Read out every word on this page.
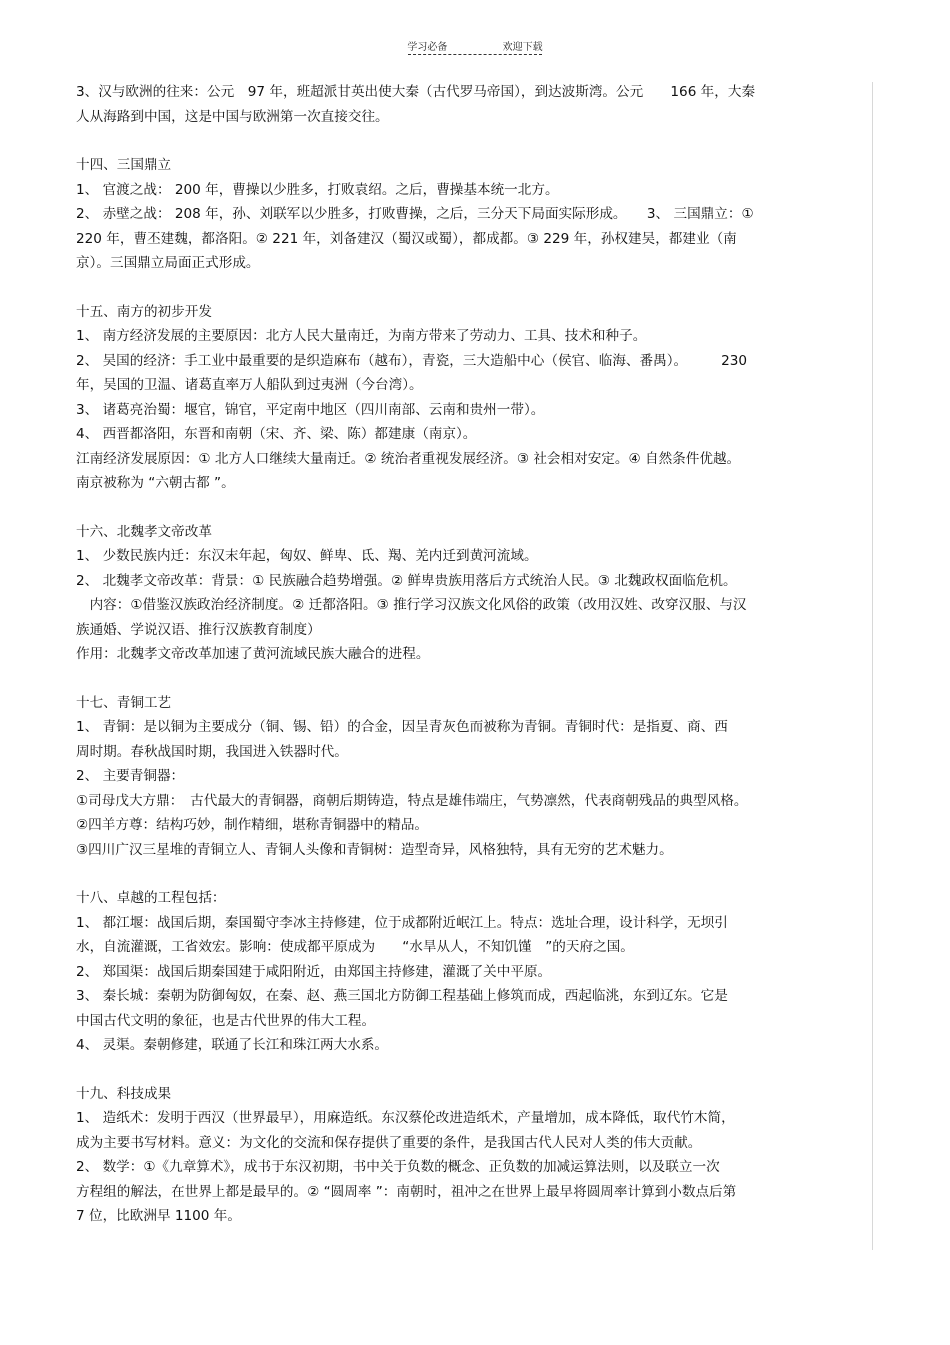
学习必备	欢迎下载

3、汉与欧洲的往来：公元　97 年，班超派甘英出使大秦（古代罗马帝国），到达波斯湾。公元　　166 年，大秦

人从海路到中国，这是中国与欧洲第一次直接交往。

十四、三国鼎立

1、 官渡之战： 200 年，曹操以少胜多，打败袁绍。之后，曹操基本统一北方。

2、 赤壁之战： 208 年，孙、刘联军以少胜多，打败曹操，之后，三分天下局面实际形成。　　3、 三国鼎立：①

220 年，曹丕建魏，都洛阳。② 221 年，刘备建汉（蜀汉或蜀），都成都。③ 229 年，孙权建吴，都建业（南

京）。三国鼎立局面正式形成。

十五、南方的初步开发

1、 南方经济发展的主要原因：北方人民大量南迁，为南方带来了劳动力、工具、技术和种子。

2、 吴国的经济：手工业中最重要的是织造麻布（越布），青瓷，三大造船中心（侯官、临海、番禺）。　　　230

年，吴国的卫温、诸葛直率万人船队到过夷洲（今台湾）。

3、 诸葛亮治蜀：堰官，锦官，平定南中地区（四川南部、云南和贵州一带）。

4、 西晋都洛阳，东晋和南朝（宋、齐、梁、陈）都建康（南京）。

江南经济发展原因：① 北方人口继续大量南迁。② 统治者重视发展经济。③ 社会相对安定。④ 自然条件优越。

南京被称为 “六朝古都 ”。

十六、北魏孝文帝改革

1、 少数民族内迁：东汉末年起，匈奴、鲜卑、氐、羯、羌内迁到黄河流域。

2、 北魏孝文帝改革：背景：① 民族融合趋势增强。② 鲜卑贵族用落后方式统治人民。③ 北魏政权面临危机。

　内容：①借鉴汉族政治经济制度。② 迁都洛阳。③ 推行学习汉族文化风俗的政策（改用汉姓、改穿汉服、与汉

族通婚、学说汉语、推行汉族教育制度）

作用：北魏孝文帝改革加速了黄河流域民族大融合的进程。

十七、青铜工艺

1、 青铜：是以铜为主要成分（铜、锡、铅）的合金，因呈青灰色而被称为青铜。青铜时代：是指夏、商、西

周时期。春秋战国时期，我国进入铁器时代。

2、 主要青铜器：

①司母戊大方鼎：　古代最大的青铜器，商朝后期铸造，特点是雄伟端庄，气势凛然，代表商朝残品的典型风格。

②四羊方尊：结构巧妙，制作精细，堪称青铜器中的精品。

③四川广汉三星堆的青铜立人、青铜人头像和青铜树：造型奇异，风格独特，具有无穷的艺术魅力。

十八、卓越的工程包括：

1、 都江堰：战国后期，秦国蜀守李冰主持修建，位于成都附近岷江上。特点：选址合理，设计科学，无坝引

水，自流灌溉，工省效宏。影响：使成都平原成为　　“水旱从人，不知饥馑　”的天府之国。

2、 郑国渠：战国后期秦国建于咸阳附近，由郑国主持修建，灌溉了关中平原。

3、 秦长城：秦朝为防御匈奴，在秦、赵、燕三国北方防御工程基础上修筑而成，西起临洮，东到辽东。它是

中国古代文明的象征，也是古代世界的伟大工程。

4、 灵渠。秦朝修建，联通了长江和珠江两大水系。

十九、科技成果

1、 造纸术：发明于西汉（世界最早），用麻造纸。东汉蔡伦改进造纸术，产量增加，成本降低，取代竹木简，

成为主要书写材料。意义：为文化的交流和保存提供了重要的条件，是我国古代人民对人类的伟大贡献。

2、 数学：①《九章算术》，成书于东汉初期，书中关于负数的概念、正负数的加减运算法则，以及联立一次

方程组的解法，在世界上都是最早的。② “圆周率 ”：南朝时，祖冲之在世界上最早将圆周率计算到小数点后第

7 位，比欧洲早 1100 年。
